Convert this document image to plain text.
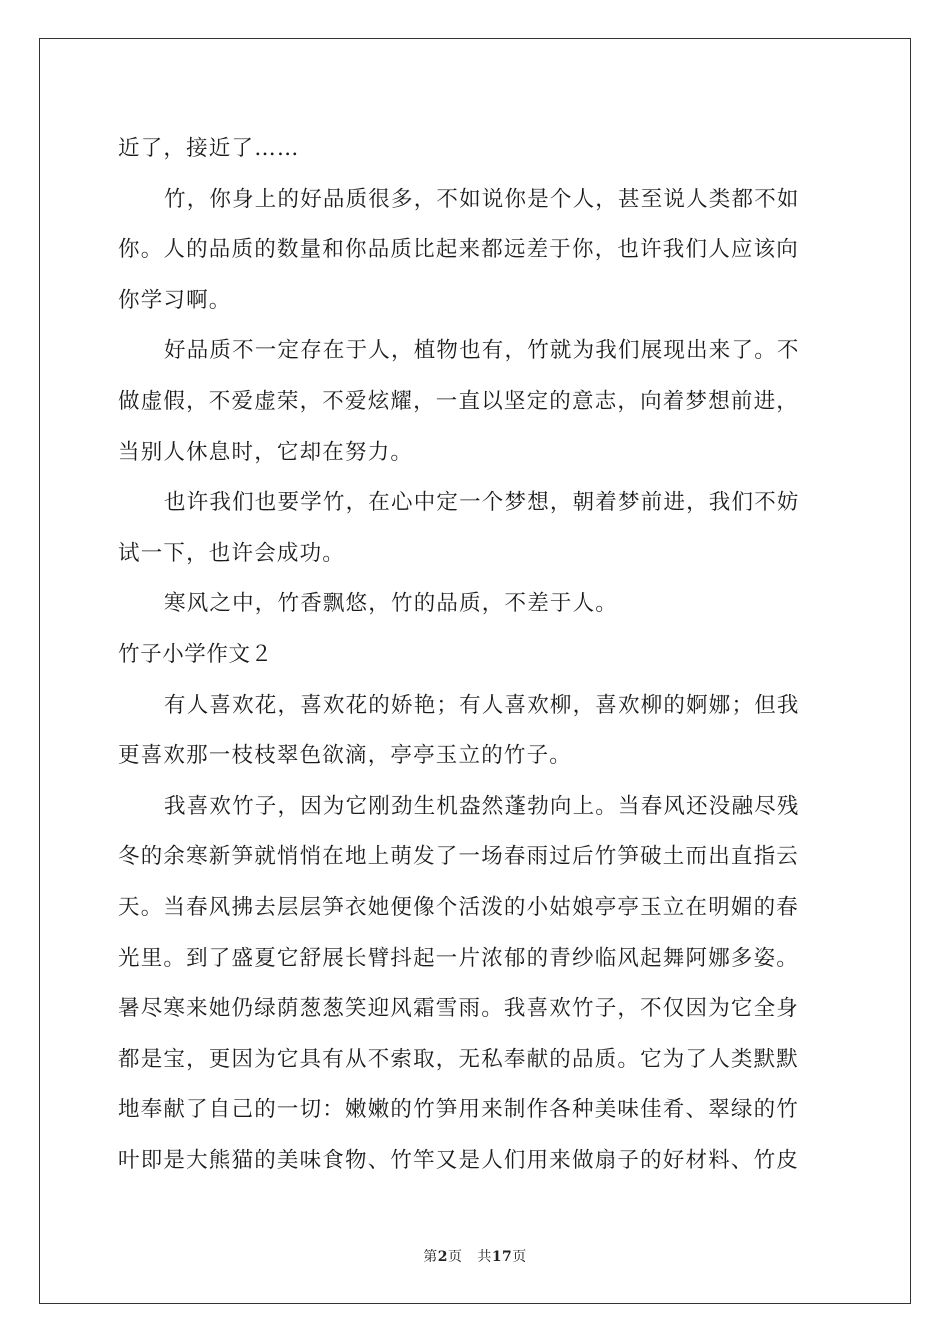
近了，接近了……
竹，你身上的好品质很多，不如说你是个人，甚至说人类都不如
你。人的品质的数量和你品质比起来都远差于你，也许我们人应该向
你学习啊。
好品质不一定存在于人，植物也有，竹就为我们展现出来了。不
做虚假，不爱虚荣，不爱炫耀，一直以坚定的意志，向着梦想前进，
当别人休息时，它却在努力。
也许我们也要学竹，在心中定一个梦想，朝着梦前进，我们不妨
试一下，也许会成功。
寒风之中，竹香飘悠，竹的品质，不差于人。
竹子小学作文２
有人喜欢花，喜欢花的娇艳；有人喜欢柳，喜欢柳的婀娜；但我
更喜欢那一枝枝翠色欲滴，亭亭玉立的竹子。
我喜欢竹子，因为它刚劲生机盎然蓬勃向上。当春风还没融尽残
冬的余寒新笋就悄悄在地上萌发了一场春雨过后竹笋破土而出直指云
天。当春风拂去层层笋衣她便像个活泼的小姑娘亭亭玉立在明媚的春
光里。到了盛夏它舒展长臂抖起一片浓郁的青纱临风起舞阿娜多姿。
暑尽寒来她仍绿荫葱葱笑迎风霜雪雨。我喜欢竹子，不仅因为它全身
都是宝，更因为它具有从不索取，无私奉献的品质。它为了人类默默
地奉献了自己的一切：嫩嫩的竹笋用来制作各种美味佳肴、翠绿的竹
叶即是大熊猫的美味食物、竹竿又是人们用来做扇子的好材料、竹皮
第2页 共17页
